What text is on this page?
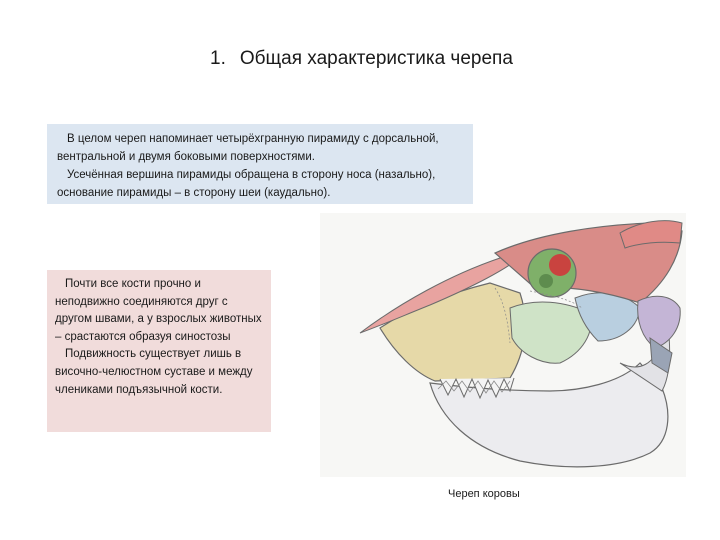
1. Общая характеристика черепа
В целом череп напоминает четырёхгранную пирамиду с дорсальной, вентральной и двумя боковыми поверхностями.
Усечённая вершина пирамиды обращена в сторону носа (назально), основание пирамиды – в сторону шеи (каудально).
Почти все кости прочно и неподвижно соединяются друг с другом швами, а у взрослых животных – срастаются образуя синостозы
Подвижность существует лишь в височно-челюстном суставе и между члениками подъязычной кости.
Череп коровы
